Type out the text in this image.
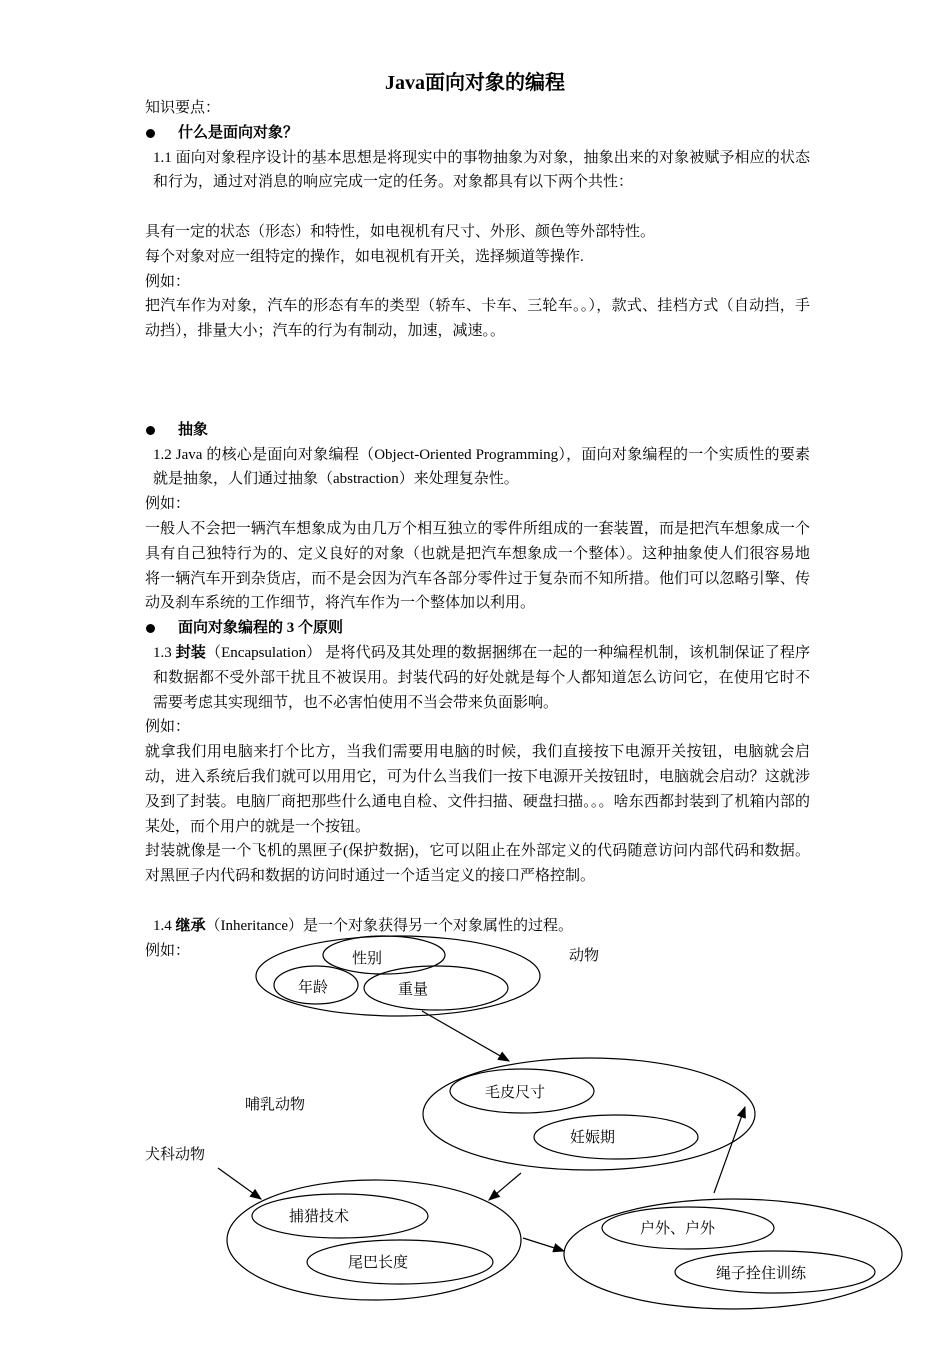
Java面向对象的编程

知识要点：

什么是面向对象？

1.1 面向对象程序设计的基本思想是将现实中的事物抽象为对象，抽象出来的对象被赋予相应的状态和行为，通过对消息的响应完成一定的任务。对象都具有以下两个共性：

具有一定的状态（形态）和特性，如电视机有尺寸、外形、颜色等外部特性。

每个对象对应一组特定的操作，如电视机有开关，选择频道等操作.

例如：

把汽车作为对象，汽车的形态有车的类型（轿车、卡车、三轮车。。），款式、挂档方式（自动挡，手动挡），排量大小；汽车的行为有制动，加速，减速。。

抽象

1.2 Java 的核心是面向对象编程（Object-Oriented Programming），面向对象编程的一个实质性的要素就是抽象，人们通过抽象（abstraction）来处理复杂性。

例如：

一般人不会把一辆汽车想象成为由几万个相互独立的零件所组成的一套装置，而是把汽车想象成一个具有自己独特行为的、定义良好的对象（也就是把汽车想象成一个整体）。这种抽象使人们很容易地将一辆汽车开到杂货店，而不是会因为汽车各部分零件过于复杂而不知所措。他们可以忽略引擎、传动及刹车系统的工作细节，将汽车作为一个整体加以利用。

面向对象编程的 3 个原则

1.3 封装（Encapsulation） 是将代码及其处理的数据捆绑在一起的一种编程机制，该机制保证了程序和数据都不受外部干扰且不被误用。封装代码的好处就是每个人都知道怎么访问它，在使用它时不需要考虑其实现细节，也不必害怕使用不当会带来负面影响。

例如：

就拿我们用电脑来打个比方，当我们需要用电脑的时候，我们直接按下电源开关按钮，电脑就会启动，进入系统后我们就可以用用它，可为什么当我们一按下电源开关按钮时，电脑就会启动？这就涉及到了封装。电脑厂商把那些什么通电自检、文件扫描、硬盘扫描。。。啥东西都封装到了机箱内部的某处，而个用户的就是一个按钮。

封装就像是一个飞机的黑匣子(保护数据)，它可以阻止在外部定义的代码随意访问内部代码和数据。对黑匣子内代码和数据的访问时通过一个适当定义的接口严格控制。

1.4 继承（Inheritance）是一个对象获得另一个对象属性的过程。

例如：	动物
性别
年龄	重量
哺乳动物
毛皮尺寸
妊娠期
犬科动物
捕猎技术
尾巴长度
户外、户外
绳子拴住训练
